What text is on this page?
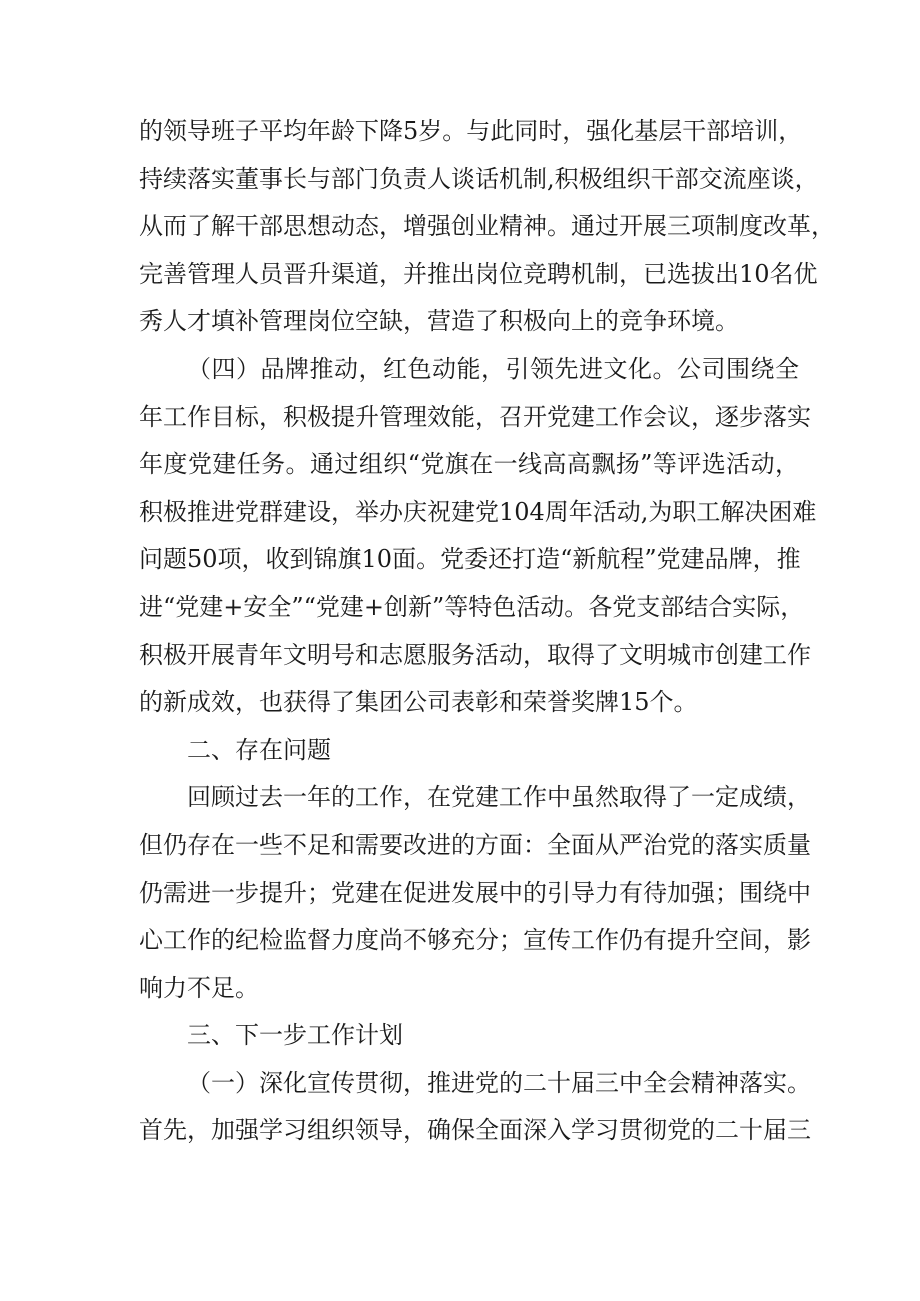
的领导班子平均年龄下降5岁。与此同时，强化基层干部培训，
持续落实董事长与部门负责人谈话机制,积极组织干部交流座谈，
从而了解干部思想动态，增强创业精神。通过开展三项制度改革，
完善管理人员晋升渠道，并推出岗位竞聘机制，已选拔出10名优
秀人才填补管理岗位空缺，营造了积极向上的竞争环境。
（四）品牌推动，红色动能，引领先进文化。公司围绕全
年工作目标，积极提升管理效能，召开党建工作会议，逐步落实
年度党建任务。通过组织“党旗在一线高高飘扬”等评选活动，
积极推进党群建设，举办庆祝建党104周年活动,为职工解决困难
问题50项，收到锦旗10面。党委还打造“新航程”党建品牌，推
进“党建+安全”“党建+创新”等特色活动。各党支部结合实际，
积极开展青年文明号和志愿服务活动，取得了文明城市创建工作
的新成效，也获得了集团公司表彰和荣誉奖牌15个。
二、存在问题
回顾过去一年的工作，在党建工作中虽然取得了一定成绩，
但仍存在一些不足和需要改进的方面：全面从严治党的落实质量
仍需进一步提升；党建在促进发展中的引导力有待加强；围绕中
心工作的纪检监督力度尚不够充分；宣传工作仍有提升空间，影
响力不足。
三、下一步工作计划
（一）深化宣传贯彻，推进党的二十届三中全会精神落实。
首先，加强学习组织领导，确保全面深入学习贯彻党的二十届三
